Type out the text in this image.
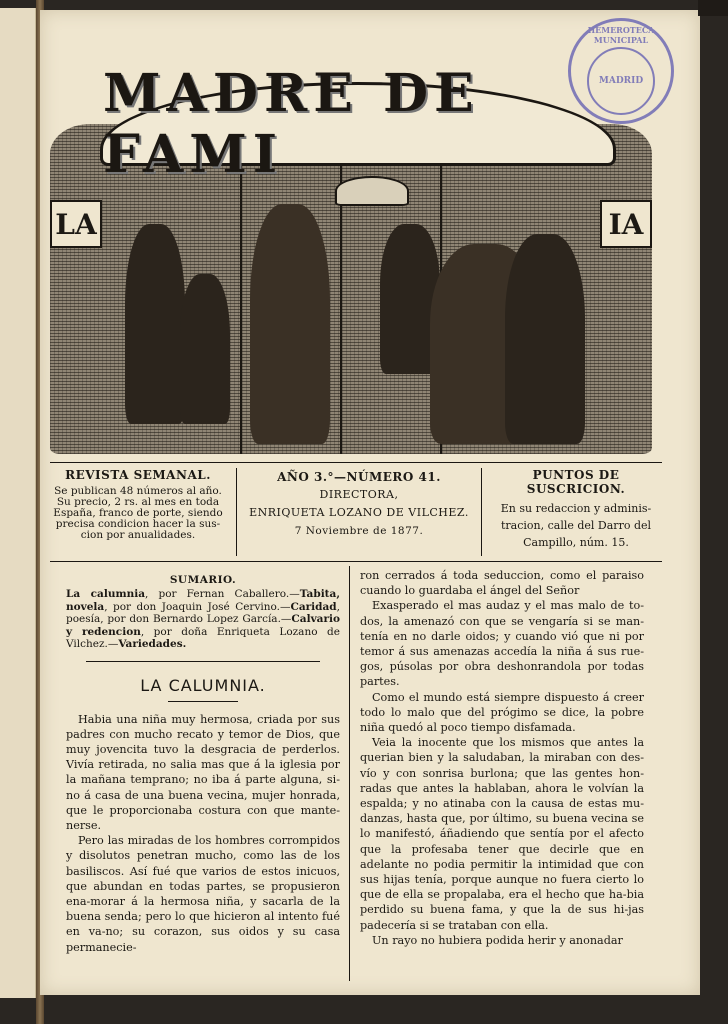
LA	IA
MADRE DE FAMI
HEMEROTECA MUNICIPAL
MADRID
REVISTA SEMANAL.
Se publican 48 números al año.
Su precio, 2 rs. al mes en toda
España, franco de porte, siendo
precisa condicion hacer la sus-
cion por anualidades.
AÑO 3.°—NÚMERO 41.
DIRECTORA,
ENRIQUETA LOZANO DE VILCHEZ.
7 Noviembre de 1877.
PUNTOS DE SUSCRICION.
En su redaccion y adminis-
tracion, calle del Darro del
Campillo, núm. 15.
SUMARIO.
La calumnia, por Fernan Caballero.—Tabita, novela, por don Joaquin José Cervino.—Caridad, poesía, por don Bernardo Lopez García.—Calvario y redencion, por doña Enriqueta Lozano de Vilchez.—Variedades.
LA CALUMNIA.

Habia una niña muy hermosa, criada por sus padres con mucho recato y temor de Dios, que muy jovencita tuvo la desgracia de perderlos. Vivía retirada, no salia mas que á la iglesia por la mañana temprano; no iba á parte alguna, si-no á casa de una buena vecina, mujer honrada, que le proporcionaba costura con que mante-nerse.

Pero las miradas de los hombres corrompidos y disolutos penetran mucho, como las de los basiliscos. Así fué que varios de estos inicuos, que abundan en todas partes, se propusieron ena-morar á la hermosa niña, y sacarla de la buena senda; pero lo que hicieron al intento fué en va-no; su corazon, sus oidos y su casa permanecie-

ron cerrados á toda seduccion, como el paraiso cuando lo guardaba el ángel del Señor

Exasperado el mas audaz y el mas malo de to-dos, la amenazó con que se vengaría si se man-tenía en no darle oidos; y cuando vió que ni por temor á sus amenazas accedía la niña á sus rue-gos, púsolas por obra deshonrandola por todas partes.

Como el mundo está siempre dispuesto á creer todo lo malo que del prógimo se dice, la pobre niña quedó al poco tiempo disfamada.

Veia la inocente que los mismos que antes la querian bien y la saludaban, la miraban con des-vío y con sonrisa burlona; que las gentes hon-radas que antes la hablaban, ahora le volvían la espalda; y no atinaba con la causa de estas mu-danzas, hasta que, por último, su buena vecina se lo manifestó, áñadiendo que sentía por el afecto que la profesaba tener que decirle que en adelante no podia permitir la intimidad que con sus hijas tenía, porque aunque no fuera cierto lo que de ella se propalaba, era el hecho que ha-bia perdido su buena fama, y que la de sus hi-jas padecería si se trataban con ella.

Un rayo no hubiera podida herir y anonadar
